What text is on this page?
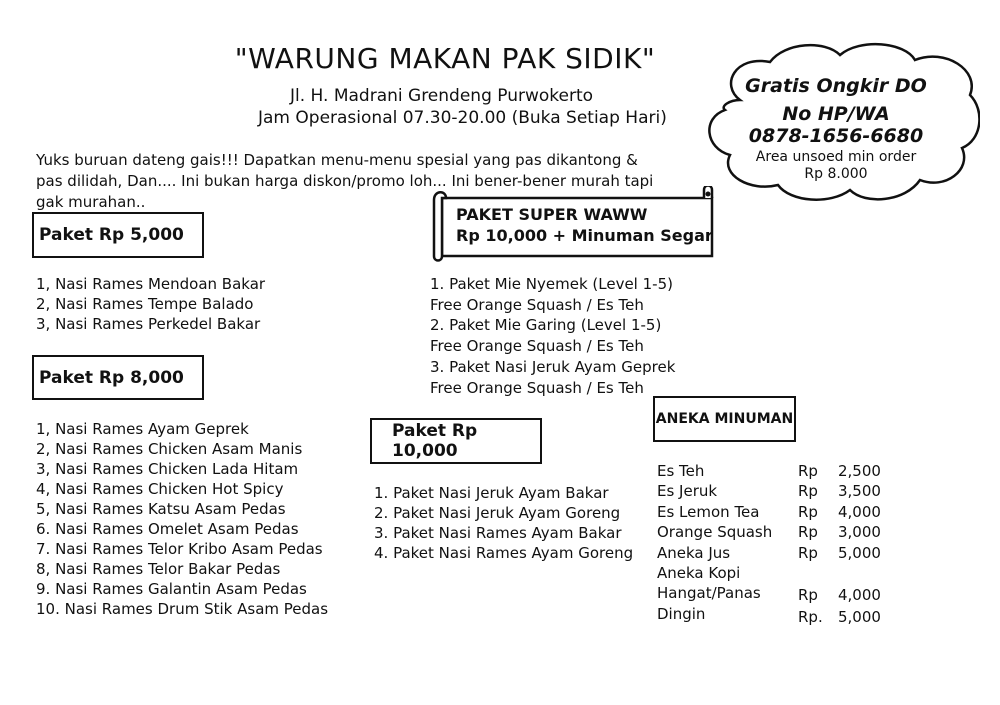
"WARUNG MAKAN PAK SIDIK"
Jl. H. Madrani Grendeng Purwokerto
Jam Operasional 07.30-20.00 (Buka Setiap Hari)
Yuks buruan dateng gais!!! Dapatkan menu-menu spesial yang pas dikantong & pas dilidah, Dan.... Ini bukan harga diskon/promo loh... Ini bener-bener murah tapi gak murahan..
Gratis Ongkir DO
No HP/WA
0878-1656-6680
Area unsoed min order
Rp 8.000
Paket Rp 5,000
1, Nasi Rames Mendoan Bakar
2, Nasi Rames Tempe Balado
3, Nasi Rames Perkedel Bakar
Paket Rp 8,000
1, Nasi Rames Ayam Geprek
2, Nasi Rames Chicken Asam Manis
3, Nasi Rames Chicken Lada Hitam
4, Nasi Rames Chicken Hot Spicy
5, Nasi Rames Katsu Asam Pedas
6. Nasi Rames Omelet Asam Pedas
7. Nasi Rames Telor Kribo Asam Pedas
8, Nasi Rames Telor Bakar Pedas
9. Nasi Rames Galantin Asam Pedas
10. Nasi Rames Drum Stik Asam Pedas
PAKET SUPER WAWW
Rp 10,000 + Minuman Segar
1. Paket Mie Nyemek (Level 1-5)
Free Orange Squash / Es Teh
2. Paket Mie Garing (Level 1-5)
Free Orange Squash / Es Teh
3. Paket Nasi Jeruk Ayam Geprek
Free Orange Squash / Es Teh
Paket Rp 10,000
1. Paket Nasi Jeruk Ayam Bakar
2. Paket Nasi Jeruk Ayam Goreng
3. Paket Nasi Rames Ayam Bakar
4. Paket Nasi Rames Ayam Goreng
ANEKA MINUMAN
Es Teh	Rp 2,500
Es Jeruk	Rp 3,500
Es Lemon Tea	Rp 4,000
Orange Squash Rp 3,000
Aneka Jus	Rp 5,000
Aneka Kopi
Hangat/Panas Rp 4,000
Dingin	Rp. 5,000
